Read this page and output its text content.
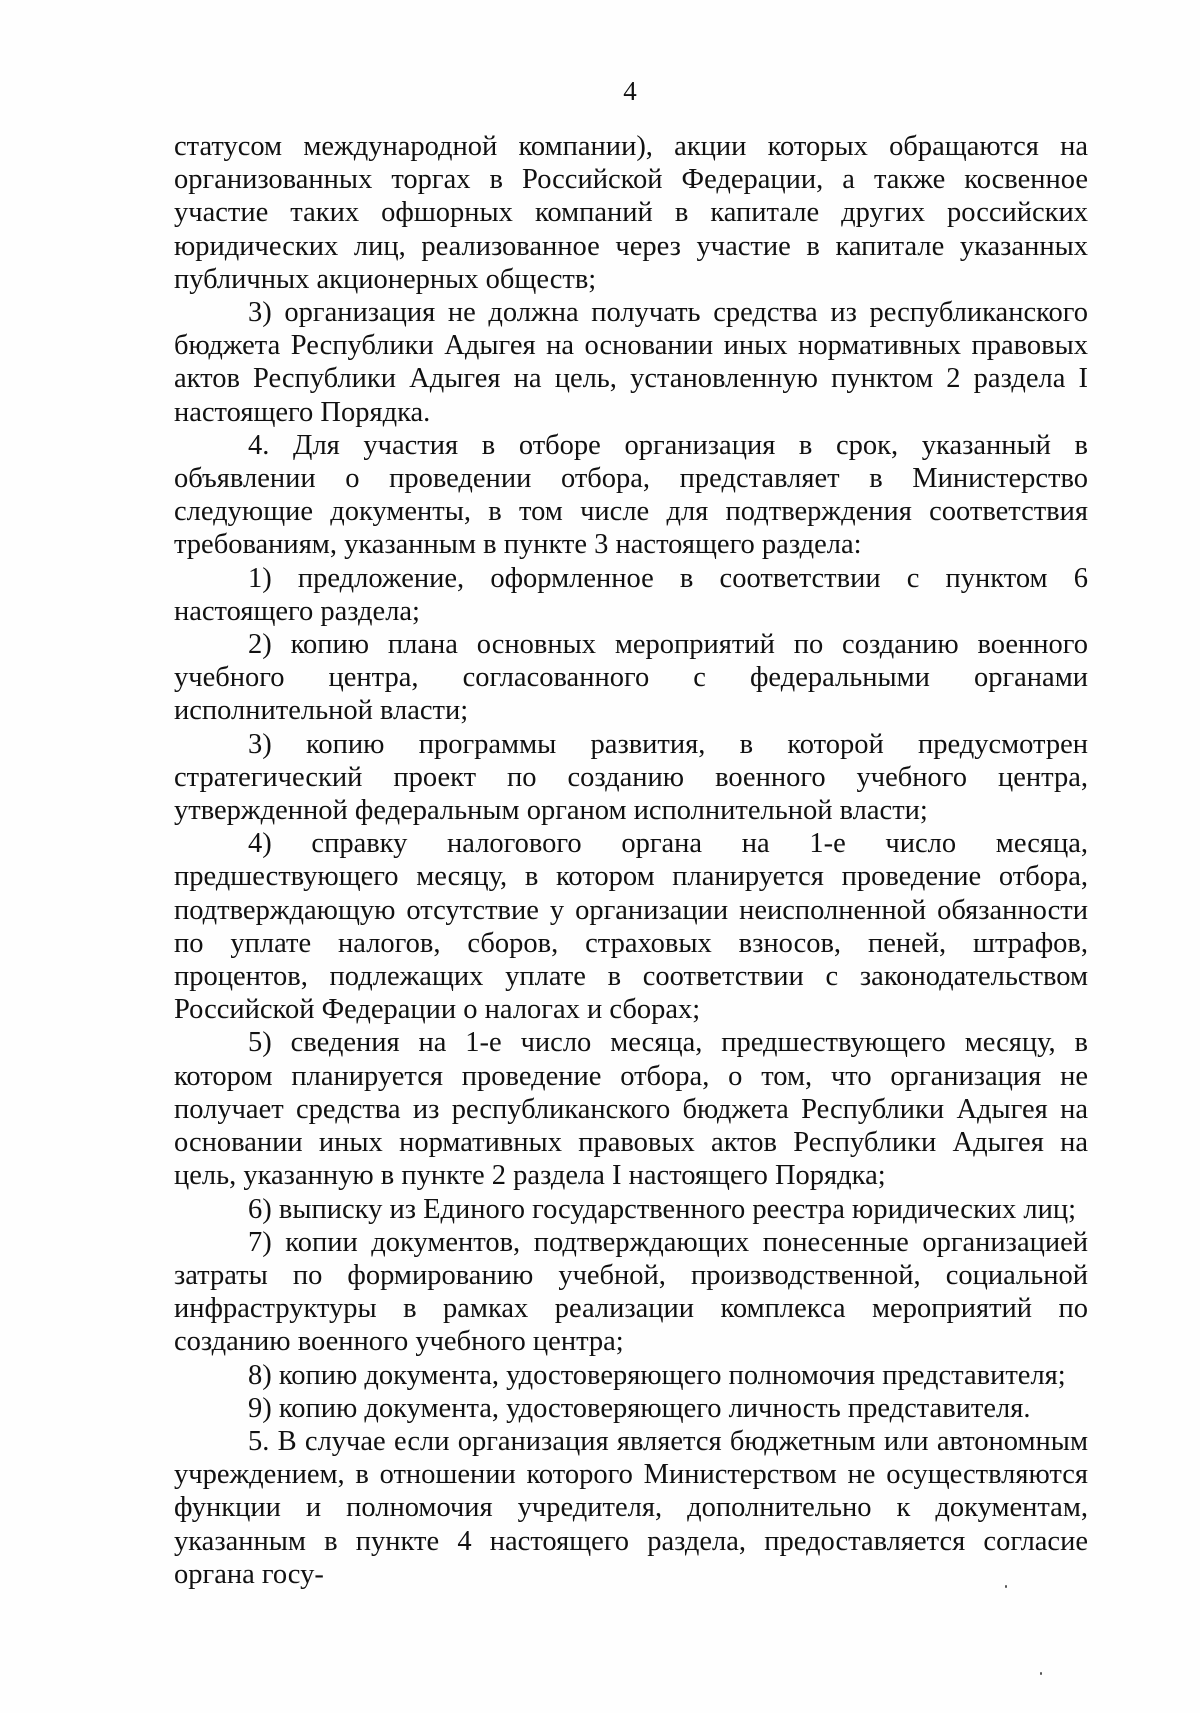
4

статусом международной компании), акции которых обращаются на организованных торгах в Российской Федерации, а также косвенное участие таких офшорных компаний в капитале других российских юридических лиц, реализованное через участие в капитале указанных публичных акционерных обществ;

3) организация не должна получать средства из республиканского бюджета Республики Адыгея на основании иных нормативных правовых актов Республики Адыгея на цель, установленную пунктом 2 раздела I настоящего Порядка.

4. Для участия в отборе организация в срок, указанный в объявлении о проведении отбора, представляет в Министерство следующие документы, в том числе для подтверждения соответствия требованиям, указанным в пункте 3 настоящего раздела:

1) предложение, оформленное в соответствии с пунктом 6 настоящего раздела;

2) копию плана основных мероприятий по созданию военного учебного центра, согласованного с федеральными органами исполнительной власти;

3) копию программы развития, в которой предусмотрен стратегический проект по созданию военного учебного центра, утвержденной федеральным органом исполнительной власти;

4) справку налогового органа на 1-е число месяца, предшествующего месяцу, в котором планируется проведение отбора, подтверждающую отсутствие у организации неисполненной обязанности по уплате налогов, сборов, страховых взносов, пеней, штрафов, процентов, подлежащих уплате в соответствии с законодательством Российской Федерации о налогах и сборах;

5) сведения на 1-е число месяца, предшествующего месяцу, в котором планируется проведение отбора, о том, что организация не получает средства из республиканского бюджета Республики Адыгея на основании иных нормативных правовых актов Республики Адыгея на цель, указанную в пункте 2 раздела I настоящего Порядка;

6) выписку из Единого государственного реестра юридических лиц;

7) копии документов, подтверждающих понесенные организацией затраты по формированию учебной, производственной, социальной инфраструктуры в рамках реализации комплекса мероприятий по созданию военного учебного центра;

8) копию документа, удостоверяющего полномочия представителя;

9) копию документа, удостоверяющего личность представителя.

5. В случае если организация является бюджетным или автономным учреждением, в отношении которого Министерством не осуществляются функции и полномочия учредителя, дополнительно к документам, указанным в пункте 4 настоящего раздела, предоставляется согласие органа госу-
